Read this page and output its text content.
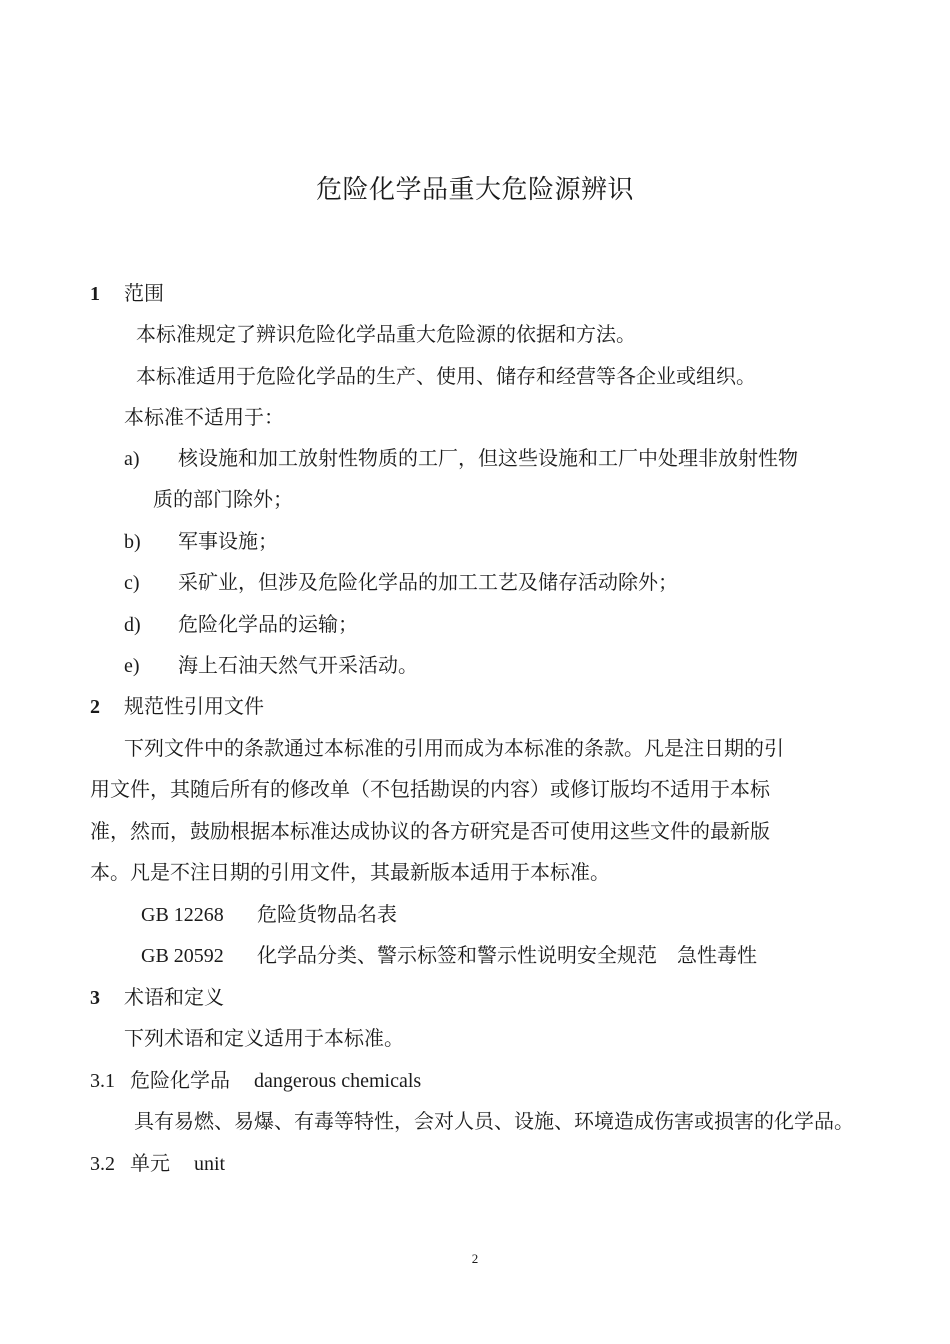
危险化学品重大危险源辨识
1 范围
本标准规定了辨识危险化学品重大危险源的依据和方法。
本标准适用于危险化学品的生产、使用、储存和经营等各企业或组织。
本标准不适用于：
a) 核设施和加工放射性物质的工厂，但这些设施和工厂中处理非放射性物
质的部门除外；
b) 军事设施；
c) 采矿业，但涉及危险化学品的加工工艺及储存活动除外；
d) 危险化学品的运输；
e) 海上石油天然气开采活动。
2 规范性引用文件
下列文件中的条款通过本标准的引用而成为本标准的条款。凡是注日期的引
用文件，其随后所有的修改单（不包括勘误的内容）或修订版均不适用于本标
准，然而，鼓励根据本标准达成协议的各方研究是否可使用这些文件的最新版
本。凡是不注日期的引用文件，其最新版本适用于本标准。
GB 12268 危险货物品名表
GB 20592 化学品分类、警示标签和警示性说明安全规范　急性毒性
3 术语和定义
下列术语和定义适用于本标准。
3.1 危险化学品 dangerous chemicals
具有易燃、易爆、有毒等特性，会对人员、设施、环境造成伤害或损害的化学品。
3.2 单元 unit
2
